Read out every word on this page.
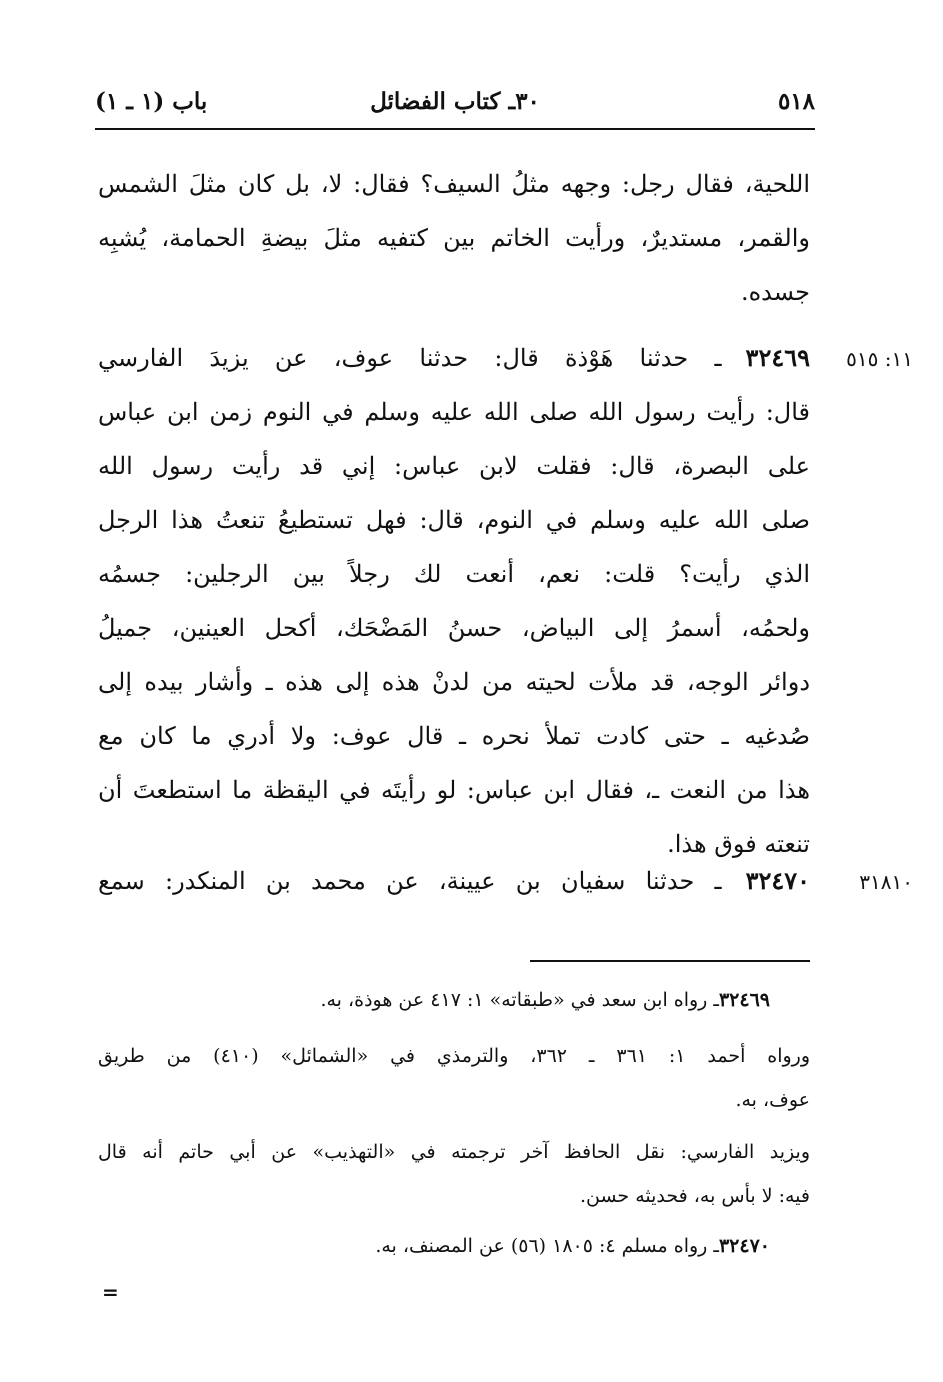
٥١٨
٣٠ـ كتاب الفضائل
باب (١ ـ ١)
اللحية، فقال رجل: وجهه مثلُ السيف؟ فقال: لا، بل كان مثلَ الشمس
والقمر، مستديرٌ، ورأيت الخاتم بين كتفيه مثلَ بيضةِ الحمامة، يُشبِه
جسده.
١١: ٥١٥
٣٢٤٦٩ـ حدثنا هَوْذة قال: حدثنا عوف، عن يزيدَ الفارسي
قال: رأيت رسول الله صلى الله عليه وسلم في النوم زمن ابن عباس
على البصرة، قال: فقلت لابن عباس: إني قد رأيت رسول الله
صلى الله عليه وسلم في النوم، قال: فهل تستطيعُ تنعتُ هذا الرجل
الذي رأيت؟ قلت: نعم، أنعت لك رجلاً بين الرجلين: جسمُه
ولحمُه، أسمرُ إلى البياض، حسنُ المَضْحَك، أكحل العينين، جميلُ
دوائر الوجه، قد ملأت لحيته من لدنْ هذه إلى هذه ـ وأشار بيده إلى
صُدغيه ـ حتى كادت تملأ نحره ـ قال عوف: ولا أدري ما كان مع
هذا من النعت ـ، فقال ابن عباس: لو رأيتَه في اليقظة ما استطعتَ أن
تنعته فوق هذا.
٣١٨١٠
٣٢٤٧٠ـ حدثنا سفيان بن عيينة، عن محمد بن المنكدر: سمع
٣٢٤٦٩ـ رواه ابن سعد في «طبقاته» ١: ٤١٧ عن هوذة، به.
ورواه أحمد ١: ٣٦١ ـ ٣٦٢، والترمذي في «الشمائل» (٤١٠) من طريق
عوف، به.
ويزيد الفارسي: نقل الحافظ آخر ترجمته في «التهذيب» عن أبي حاتم أنه قال
فيه: لا بأس به، فحديثه حسن.
٣٢٤٧٠ـ رواه مسلم ٤: ١٨٠٥ (٥٦) عن المصنف، به.
=
